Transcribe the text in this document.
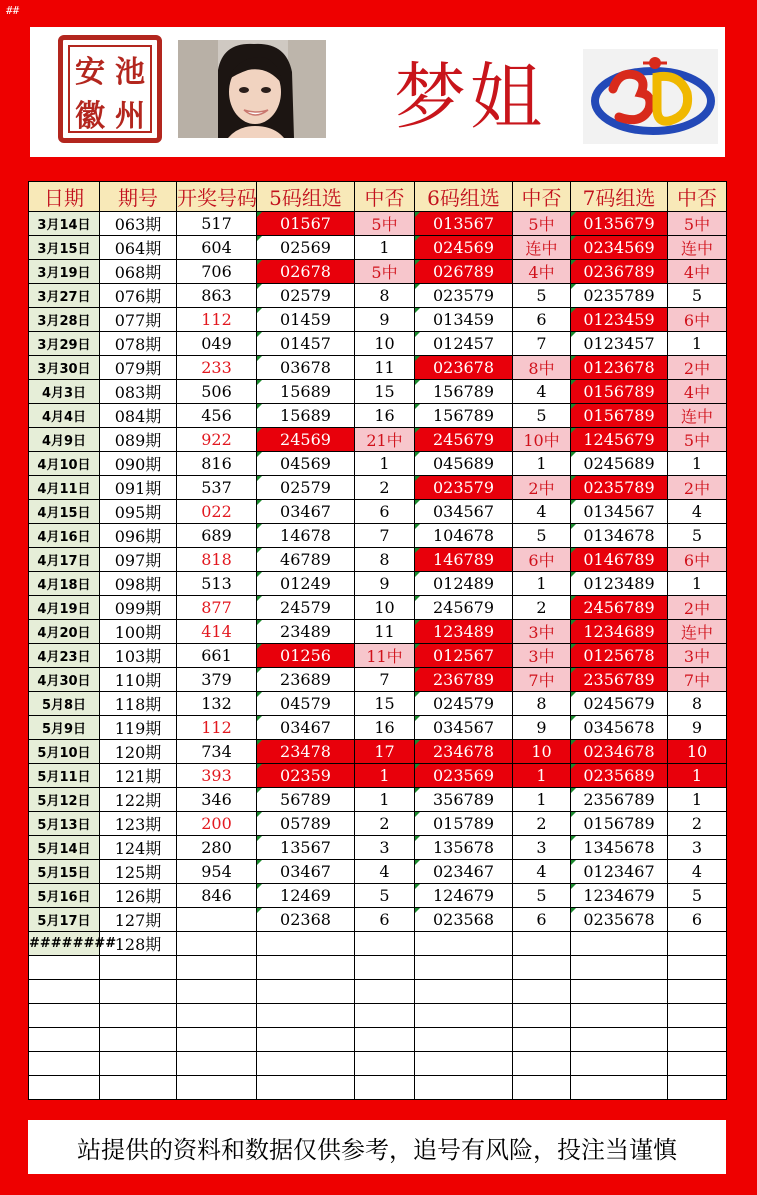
##
安 池
徽 州	梦姐
日期	期号	开奖号码	5码组选	中否	6码组选	中否	7码组选	中否
3月14日	063期	517	01567	5中	013567	5中	0135679	5中
3月15日	064期	604	02569	1	024569	连中	0234569	连中
3月19日	068期	706	02678	5中	026789	4中	0236789	4中
3月27日	076期	863	02579	8	023579	5	0235789	5
3月28日	077期	112	01459	9	013459	6	0123459	6中
3月29日	078期	049	01457	10	012457	7	0123457	1
3月30日	079期	233	03678	11	023678	8中	0123678	2中
4月3日	083期	506	15689	15	156789	4	0156789	4中
4月4日	084期	456	15689	16	156789	5	0156789	连中
4月9日	089期	922	24569	21中	245679	10中	1245679	5中
4月10日	090期	816	04569	1	045689	1	0245689	1
4月11日	091期	537	02579	2	023579	2中	0235789	2中
4月15日	095期	022	03467	6	034567	4	0134567	4
4月16日	096期	689	14678	7	104678	5	0134678	5
4月17日	097期	818	46789	8	146789	6中	0146789	6中
4月18日	098期	513	01249	9	012489	1	0123489	1
4月19日	099期	877	24579	10	245679	2	2456789	2中
4月20日	100期	414	23489	11	123489	3中	1234689	连中
4月23日	103期	661	01256	11中	012567	3中	0125678	3中
4月30日	110期	379	23689	7	236789	7中	2356789	7中
5月8日	118期	132	04579	15	024579	8	0245679	8
5月9日	119期	112	03467	16	034567	9	0345678	9
5月10日	120期	734	23478	17	234678	10	0234678	10
5月11日	121期	393	02359	1	023569	1	0235689	1
5月12日	122期	346	56789	1	356789	1	2356789	1
5月13日	123期	200	05789	2	015789	2	0156789	2
5月14日	124期	280	13567	3	135678	3	1345678	3
5月15日	125期	954	03467	4	023467	4	0123467	4
5月16日	126期	846	12469	5	124679	5	1234679	5
5月17日	127期		02368	6	023568	6	0235678	6
########	128期							

站提供的资料和数据仅供参考，追号有风险，投注当谨慎
